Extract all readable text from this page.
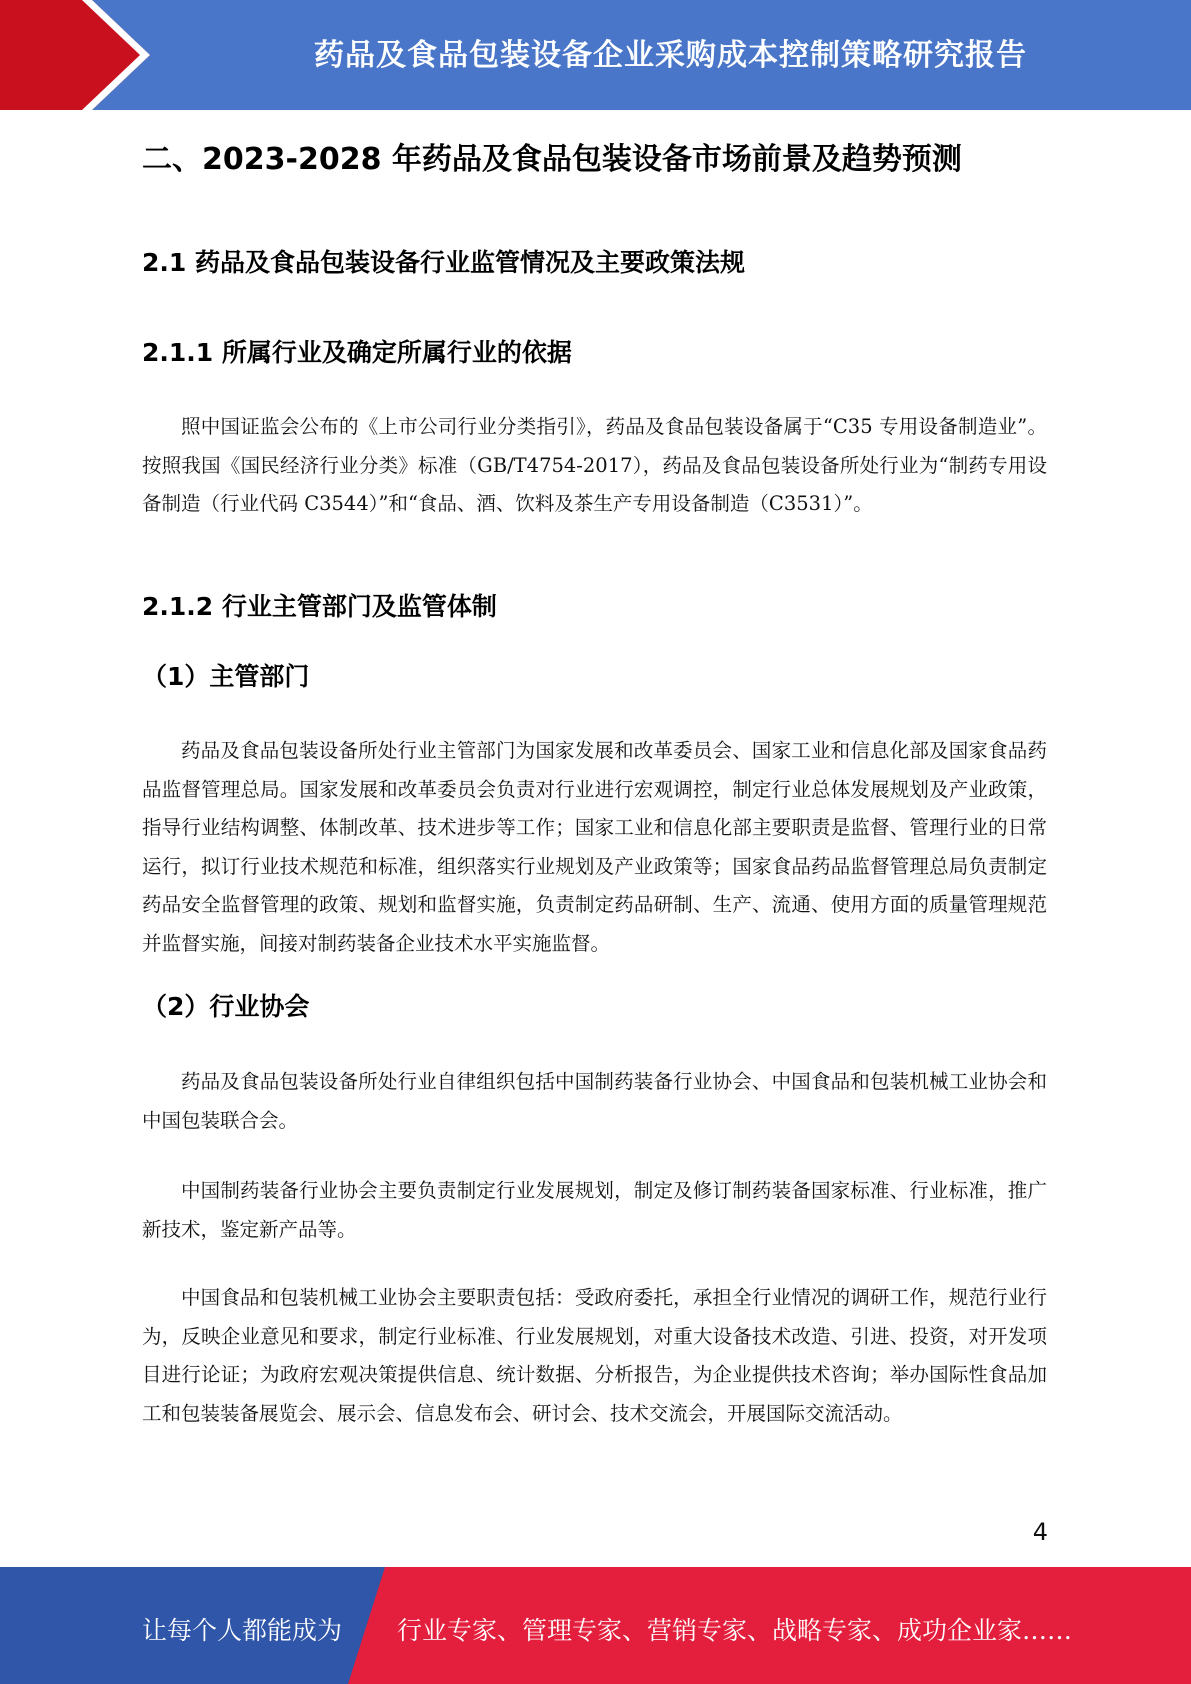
药品及食品包装设备企业采购成本控制策略研究报告
二、2023-2028 年药品及食品包装设备市场前景及趋势预测
2.1 药品及食品包装设备行业监管情况及主要政策法规
2.1.1 所属行业及确定所属行业的依据

照中国证监会公布的《上市公司行业分类指引》，药品及食品包装设备属于“C35 专用设备制造业”。按照我国《国民经济行业分类》标准（GB/T4754-2017），药品及食品包装设备所处行业为“制药专用设备制造（行业代码 C3544）”和“食品、酒、饮料及茶生产专用设备制造（C3531）”。

2.1.2 行业主管部门及监管体制
（1）主管部门

药品及食品包装设备所处行业主管部门为国家发展和改革委员会、国家工业和信息化部及国家食品药品监督管理总局。国家发展和改革委员会负责对行业进行宏观调控，制定行业总体发展规划及产业政策，指导行业结构调整、体制改革、技术进步等工作；国家工业和信息化部主要职责是监督、管理行业的日常运行，拟订行业技术规范和标准，组织落实行业规划及产业政策等；国家食品药品监督管理总局负责制定药品安全监督管理的政策、规划和监督实施，负责制定药品研制、生产、流通、使用方面的质量管理规范并监督实施，间接对制药装备企业技术水平实施监督。

（2）行业协会

药品及食品包装设备所处行业自律组织包括中国制药装备行业协会、中国食品和包装机械工业协会和中国包装联合会。

中国制药装备行业协会主要负责制定行业发展规划，制定及修订制药装备国家标准、行业标准，推广新技术，鉴定新产品等。

中国食品和包装机械工业协会主要职责包括：受政府委托，承担全行业情况的调研工作，规范行业行为，反映企业意见和要求，制定行业标准、行业发展规划，对重大设备技术改造、引进、投资，对开发项目进行论证；为政府宏观决策提供信息、统计数据、分析报告，为企业提供技术咨询；举办国际性食品加工和包装装备展览会、展示会、信息发布会、研讨会、技术交流会，开展国际交流活动。

4
让每个人都能成为 行业专家、管理专家、营销专家、战略专家、成功企业家……
